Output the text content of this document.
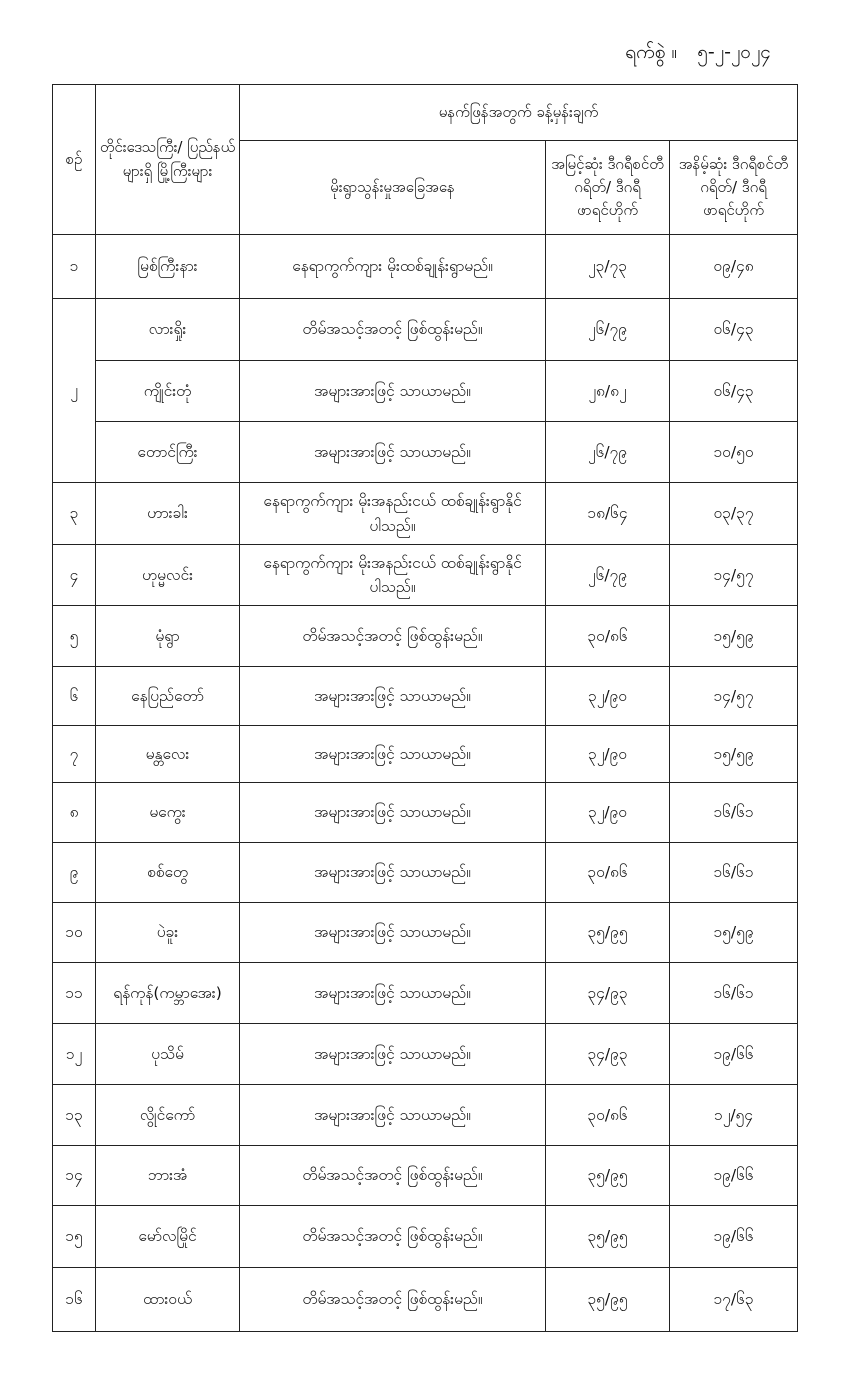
ရက်စွဲ ။ ၅-၂-၂၀၂၄
စဉ်	တိုင်းဒေသကြီး/ ပြည်နယ်များရှိ မြို့ကြီးများ	မနက်ဖြန်အတွက် ခန့်မှန်းချက်		
		မိုးရွာသွန်းမှုအခြေအနေ	အမြင့်ဆုံး ဒီဂရီစင်တီဂရိတ်/ ဒီဂရီဖာရင်ဟိုက်	အနိမ့်ဆုံး ဒီဂရီစင်တီဂရိတ်/ ဒီဂရီဖာရင်ဟိုက်
၁	မြစ်ကြီးနား	နေရာကွက်ကျား မိုးထစ်ချုန်းရွာမည်။	၂၃/၇၃	၀၉/၄၈
၂	လားရှိုး	တိမ်အသင့်အတင့် ဖြစ်ထွန်းမည်။	၂၆/၇၉	၀၆/၄၃
	ကျိုင်းတုံ	အများအားဖြင့် သာယာမည်။	၂၈/၈၂	၀၆/၄၃
	တောင်ကြီး	အများအားဖြင့် သာယာမည်။	၂၆/၇၉	၁၀/၅၀
၃	ဟားခါး	နေရာကွက်ကျား မိုးအနည်းငယ် ထစ်ချုန်းရွာနိုင်ပါသည်။	၁၈/၆၄	၀၃/၃၇
၄	ဟုမ္မလင်း	နေရာကွက်ကျား မိုးအနည်းငယ် ထစ်ချုန်းရွာနိုင်ပါသည်။	၂၆/၇၉	၁၄/၅၇
၅	မုံရွာ	တိမ်အသင့်အတင့် ဖြစ်ထွန်းမည်။	၃၀/၈၆	၁၅/၅၉
၆	နေပြည်တော်	အများအားဖြင့် သာယာမည်။	၃၂/၉၀	၁၄/၅၇
၇	မန္တလေး	အများအားဖြင့် သာယာမည်။	၃၂/၉၀	၁၅/၅၉
၈	မကွေး	အများအားဖြင့် သာယာမည်။	၃၂/၉၀	၁၆/၆၁
၉	စစ်တွေ	အများအားဖြင့် သာယာမည်။	၃၀/၈၆	၁၆/၆၁
၁၀	ပဲခူး	အများအားဖြင့် သာယာမည်။	၃၅/၉၅	၁၅/၅၉
၁၁	ရန်ကုန်(ကမ္ဘာအေး)	အများအားဖြင့် သာယာမည်။	၃၄/၉၃	၁၆/၆၁
၁၂	ပုသိမ်	အများအားဖြင့် သာယာမည်။	၃၄/၉၃	၁၉/၆၆
၁၃	လွိုင်ကော်	အများအားဖြင့် သာယာမည်။	၃၀/၈၆	၁၂/၅၄
၁၄	ဘားအံ	တိမ်အသင့်အတင့် ဖြစ်ထွန်းမည်။	၃၅/၉၅	၁၉/၆၆
၁၅	မော်လမြိုင်	တိမ်အသင့်အတင့် ဖြစ်ထွန်းမည်။	၃၅/၉၅	၁၉/၆၆
၁၆	ထားဝယ်	တိမ်အသင့်အတင့် ဖြစ်ထွန်းမည်။	၃၅/၉၅	၁၇/၆၃
